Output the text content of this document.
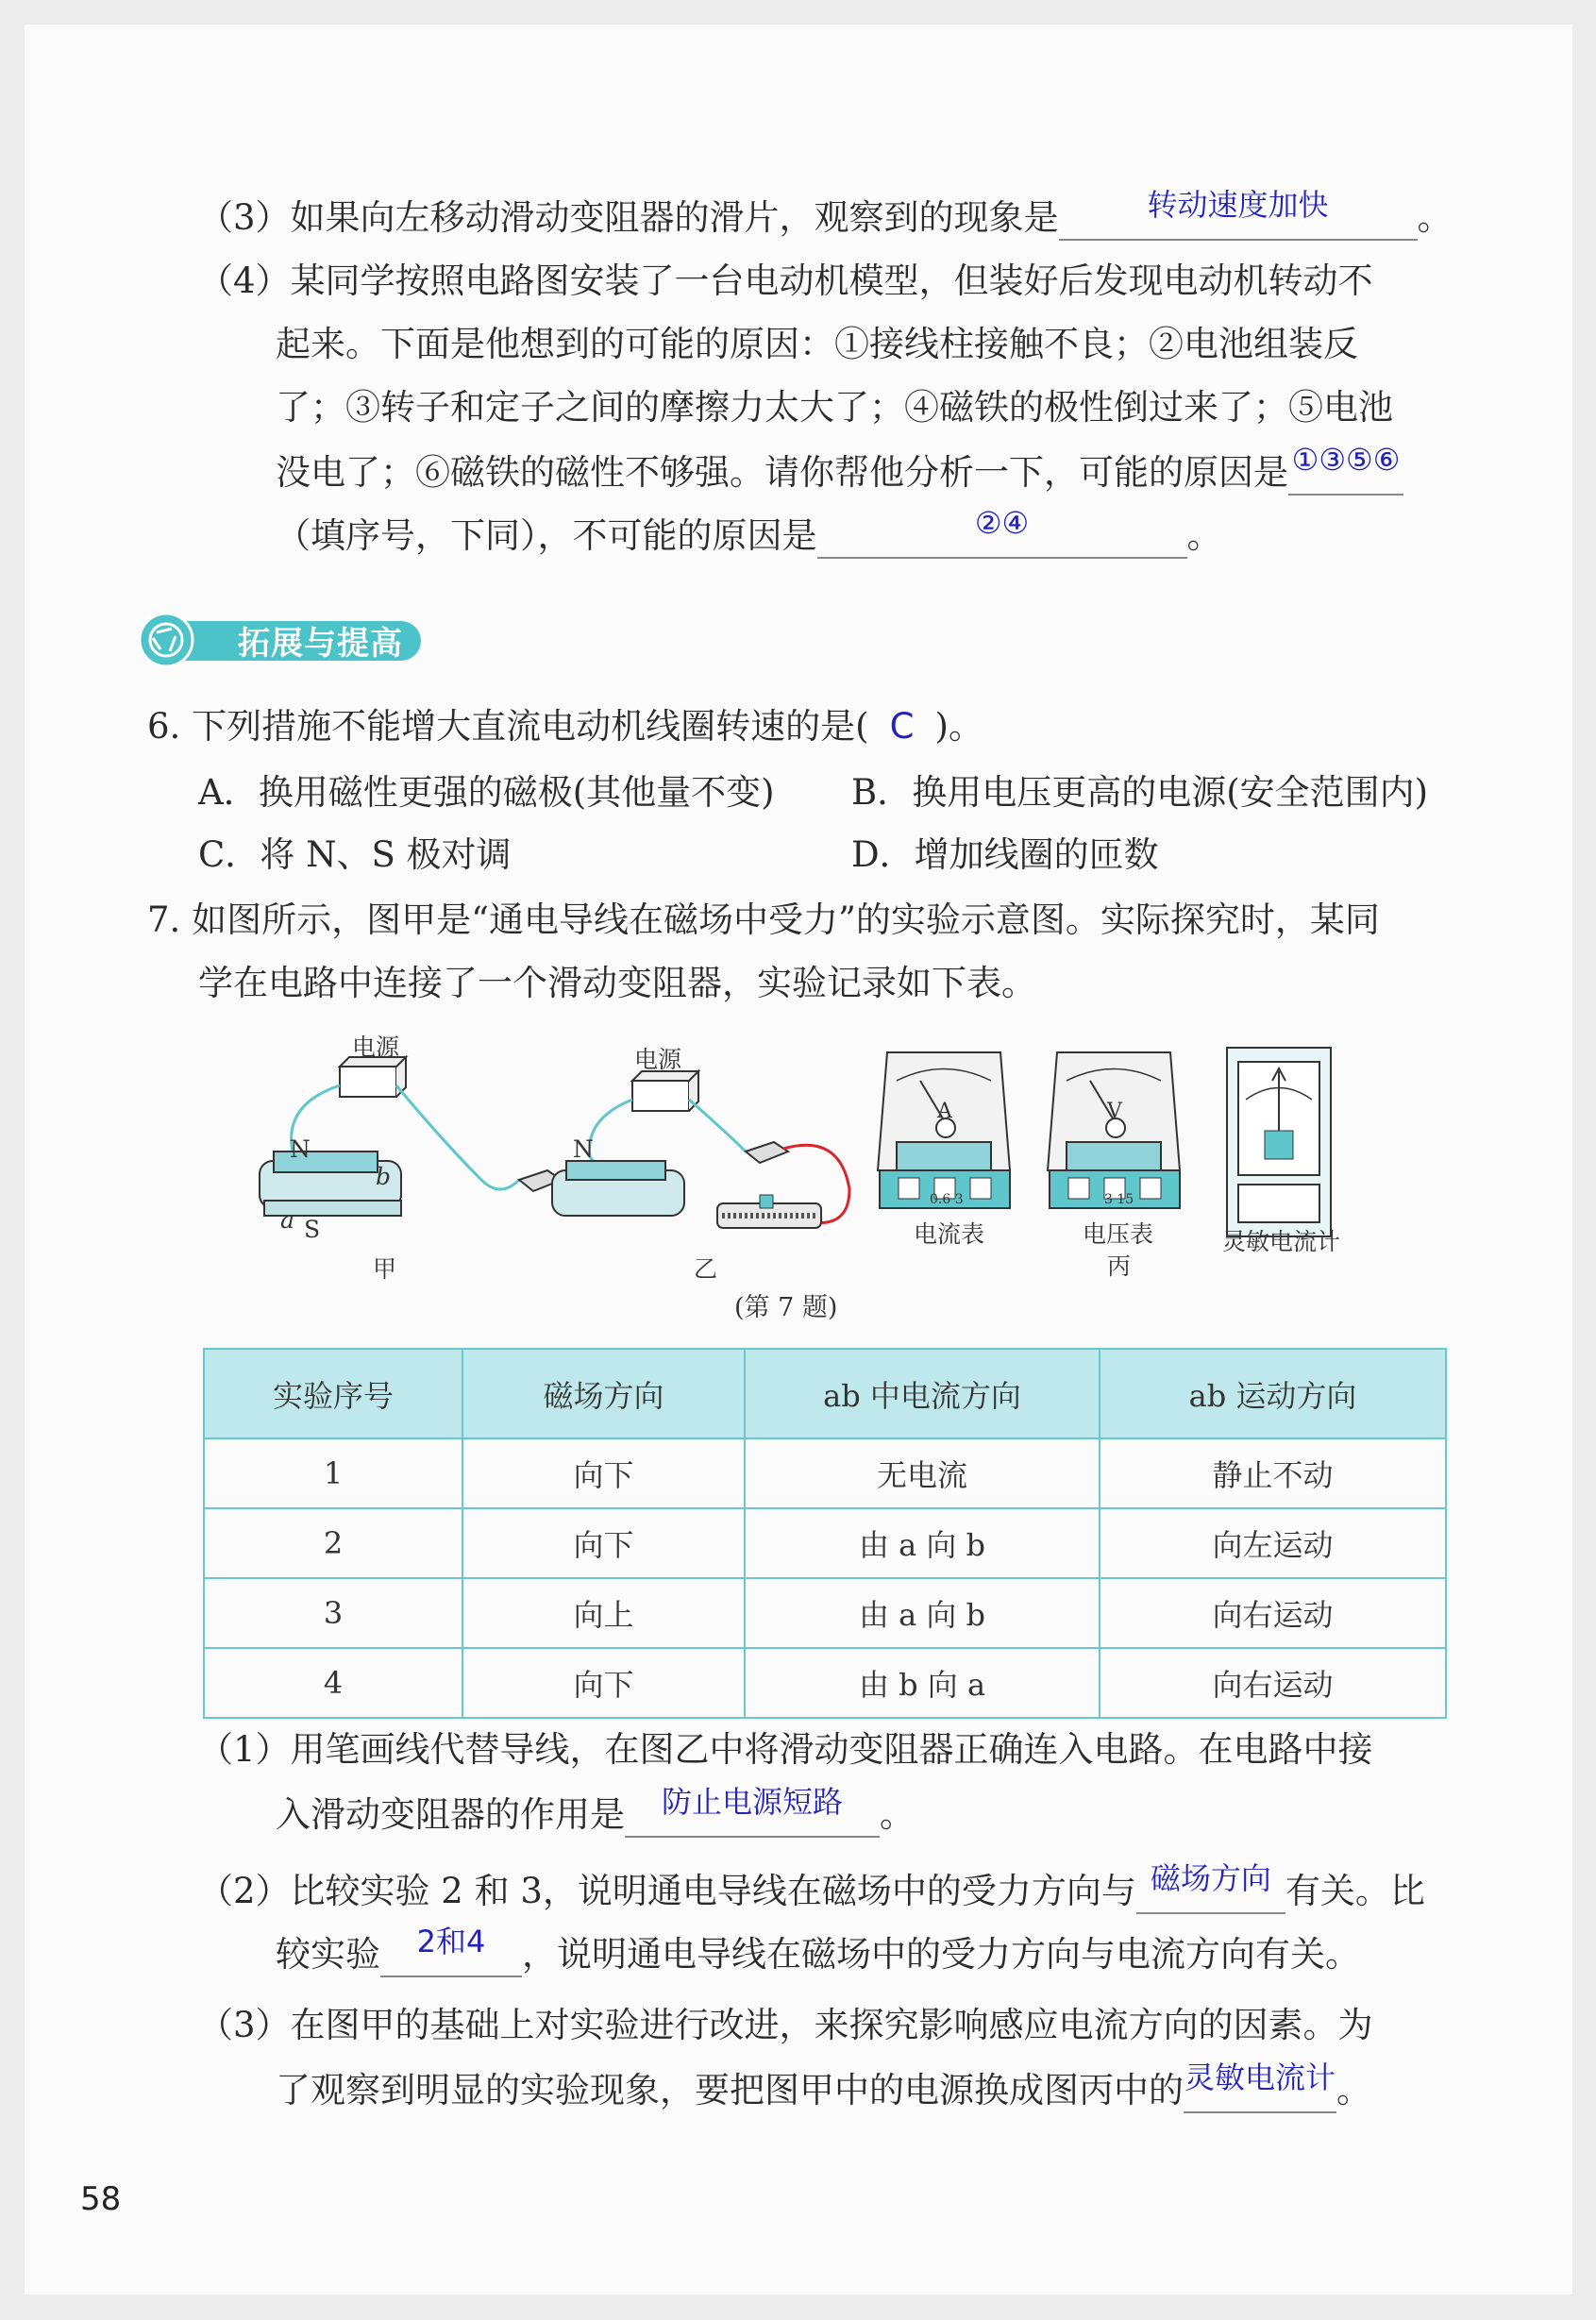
（3）如果向左移动滑动变阻器的滑片，观察到的现象是	转动速度加快	。
（4）某同学按照电路图安装了一台电动机模型，但装好后发现电动机转动不
起来。下面是他想到的可能的原因：①接线柱接触不良；②电池组装反
了；③转子和定子之间的摩擦力太大了；④磁铁的极性倒过来了；⑤电池
没电了；⑥磁铁的磁性不够强。请你帮他分析一下，可能的原因是 ①③⑤⑥
（填序号，下同），不可能的原因是	②④	。
拓展与提高
6. 下列措施不能增大直流电动机线圈转速的是( C )。
A．换用磁性更强的磁极(其他量不变) B．换用电压更高的电源(安全范围内)
C．将 N、S 极对调	D．增加线圈的匝数
7. 如图所示，图甲是“通电导线在磁场中受力”的实验示意图。实际探究时，某同
学在电路中连接了一个滑动变阻器，实验记录如下表。
电源	电源
N
b
a S
甲
N
乙
A	V
电流表	电压表
丙
灵敏电流计
0.6 3	3 15
(第 7 题)
实验序号	磁场方向	ab 中电流方向	ab 运动方向
1	向下	无电流	静止不动
2	向下	由 a 向 b	向左运动
3	向上	由 a 向 b	向右运动
4	向下	由 b 向 a	向右运动
（1）用笔画线代替导线，在图乙中将滑动变阻器正确连入电路。在电路中接
入滑动变阻器的作用是 防止电源短路 。
（2）比较实验 2 和 3，说明通电导线在磁场中的受力方向与 磁场方向 有关。比
较实验 2和4 ，说明通电导线在磁场中的受力方向与电流方向有关。
（3）在图甲的基础上对实验进行改进，来探究影响感应电流方向的因素。为
了观察到明显的实验现象，要把图甲中的电源换成图丙中的灵敏电流计。
58
